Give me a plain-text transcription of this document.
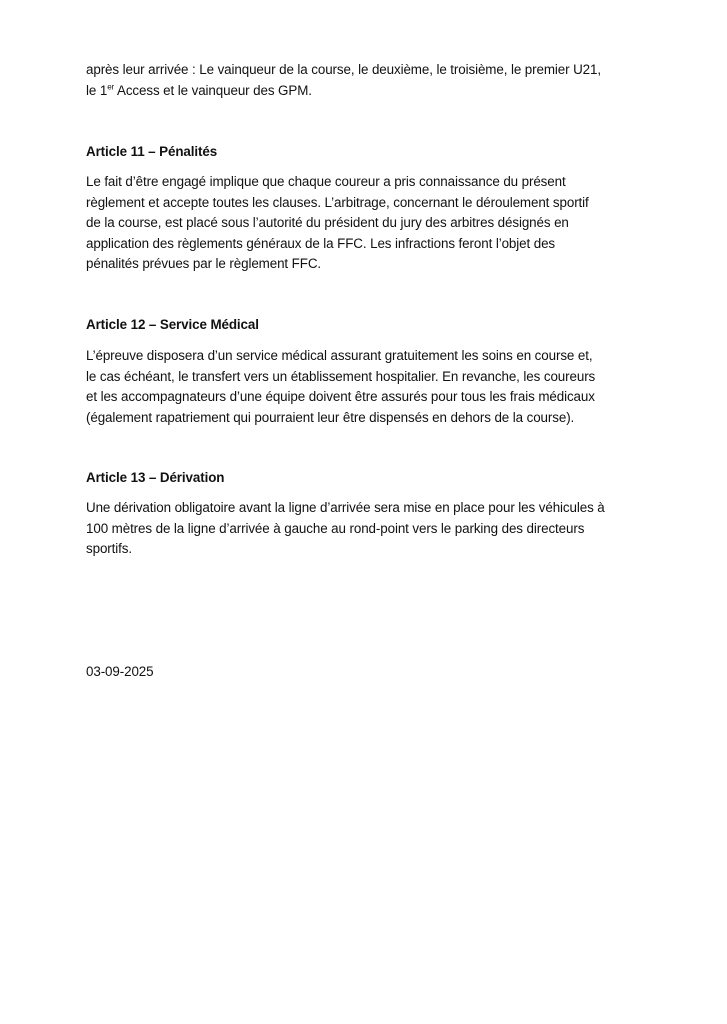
après leur arrivée : Le vainqueur de la course, le deuxième, le troisième, le premier U21,
le 1er Access et le vainqueur des GPM.
Article 11 – Pénalités
Le fait d’être engagé implique que chaque coureur a pris connaissance du présent
règlement et accepte toutes les clauses. L’arbitrage, concernant le déroulement sportif
de la course, est placé sous l’autorité du président du jury des arbitres désignés en
application des règlements généraux de la FFC. Les infractions feront l’objet des
pénalités prévues par le règlement FFC.
Article 12 – Service Médical
L’épreuve disposera d’un service médical assurant gratuitement les soins en course et,
le cas échéant, le transfert vers un établissement hospitalier. En revanche, les coureurs
et les accompagnateurs d’une équipe doivent être assurés pour tous les frais médicaux
(également rapatriement qui pourraient leur être dispensés en dehors de la course).
Article 13 – Dérivation
Une dérivation obligatoire avant la ligne d’arrivée sera mise en place pour les véhicules à
100 mètres de la ligne d’arrivée à gauche au rond-point vers le parking des directeurs
sportifs.
03-09-2025
